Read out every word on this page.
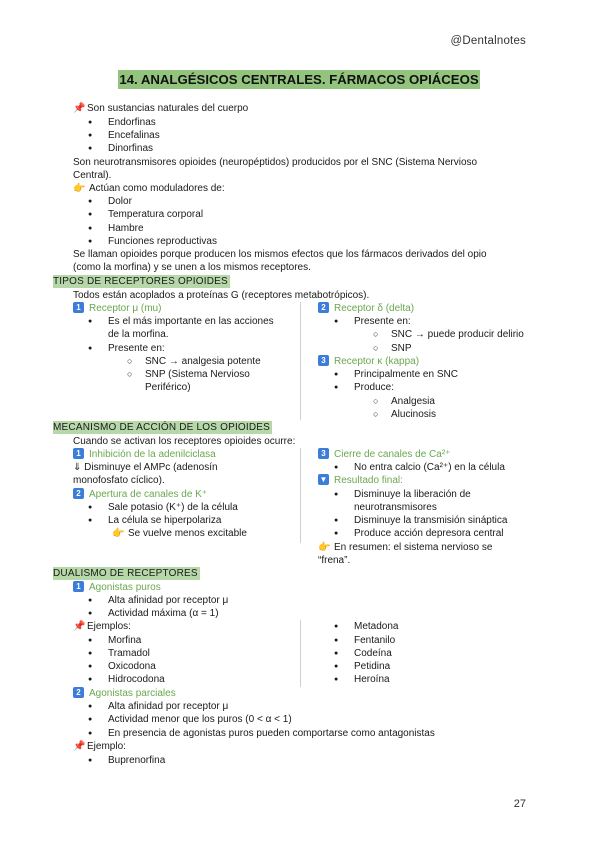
@Dentalnotes
14. ANALGÉSICOS CENTRALES. FÁRMACOS OPIÁCEOS
📌 Son sustancias naturales del cuerpo
● Endorfinas
● Encefalinas
● Dinorfinas
Son neurotransmisores opioides (neuropéptidos) producidos por el SNC (Sistema Nervioso
Central).
👉 Actúan como moduladores de:
● Dolor
● Temperatura corporal
● Hambre
● Funciones reproductivas
Se llaman opioides porque producen los mismos efectos que los fármacos derivados del opio
(como la morfina) y se unen a los mismos receptores.
TIPOS DE RECEPTORES OPIOIDES
Todos están acoplados a proteínas G (receptores metabotrópicos).
1 Receptor μ (mu)
● Es el más importante en las acciones
de la morfina.
● Presente en:
○ SNC → analgesia potente
○ SNP (Sistema Nervioso
Periférico)
2 Receptor δ (delta)
● Presente en:
○ SNC → puede producir delirio
○ SNP
3 Receptor κ (kappa)
● Principalmente en SNC
● Produce:
○ Analgesia
○ Alucinosis
MECANISMO DE ACCIÓN DE LOS OPIOIDES
Cuando se activan los receptores opioides ocurre:
1 Inhibición de la adenilciclasa
⇓ Disminuye el AMPc (adenosín
monofosfato cíclico).
2 Apertura de canales de K⁺
● Sale potasio (K⁺) de la célula
● La célula se hiperpolariza
👉 Se vuelve menos excitable
3 Cierre de canales de Ca²⁺
● No entra calcio (Ca²⁺) en la célula
▼ Resultado final:
● Disminuye la liberación de
neurotransmisores
● Disminuye la transmisión sináptica
● Produce acción depresora central
👉 En resumen: el sistema nervioso se
“frena”.
DUALISMO DE RECEPTORES
1 Agonistas puros
● Alta afinidad por receptor μ
● Actividad máxima (α = 1)
📌 Ejemplos:
● Morfina
● Tramadol
● Oxicodona
● Hidrocodona
● Metadona
● Fentanilo
● Codeína
● Petidina
● Heroína
2 Agonistas parciales
● Alta afinidad por receptor μ
● Actividad menor que los puros (0 < α < 1)
● En presencia de agonistas puros pueden comportarse como antagonistas
📌 Ejemplo:
● Buprenorfina
27
